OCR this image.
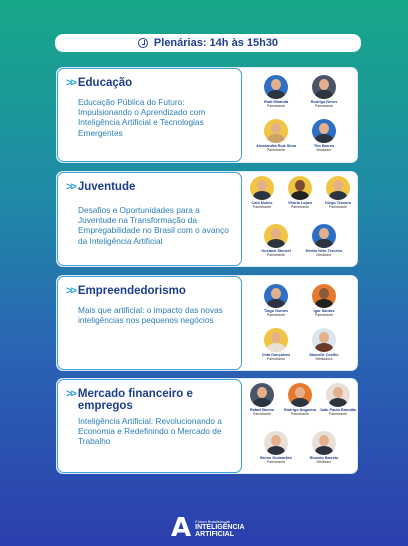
Plenárias: 14h às 15h30
>> Educação
Educação Pública do Futuro: Impulsionando o Aprendizado com Inteligência Artificial e Tecnologias Emergentes
Rodi Miranda
Palestrante
Rodrigo Neves
Palestrante
Alessandra Ruiz Sima
Palestrante
Tito Barros
Mediador
>> Juventude
Desafios e Oportunidades para a Juventude na Transformação da Empregabilidade no Brasil com o avanço da Inteligência Artificial
Caio Nunes
Palestrante
Vitória Lopes
Palestrante
Diego Teixeira
Palestrante
Gustavo Stenzel
Palestrante
Emílio Neto Terceiro
Mediador
>> Empreendedorismo
Mais que artificial: o impacto das novas inteligências nos pequenos negócios
Tiago Gomes
Palestrante
Igor Santos
Palestrante
Cida Gonçalves
Palestrante
Marcelle Coelho
Mediadora
>> Mercado financeiro e empregos
Inteligência Artificial: Revolucionando a Economia e Redefinindo o Mercado de Trabalho
Rafael Bueno
Palestrante
Rodrigo Nogueira
Palestrante
João Paulo Brandão
Palestrante
Bruno Guimarães
Palestrante
Ricardo Barreto
Mediador
A Fórum Brasileiro de
INTELIGÊNCIA
ARTIFICIAL
